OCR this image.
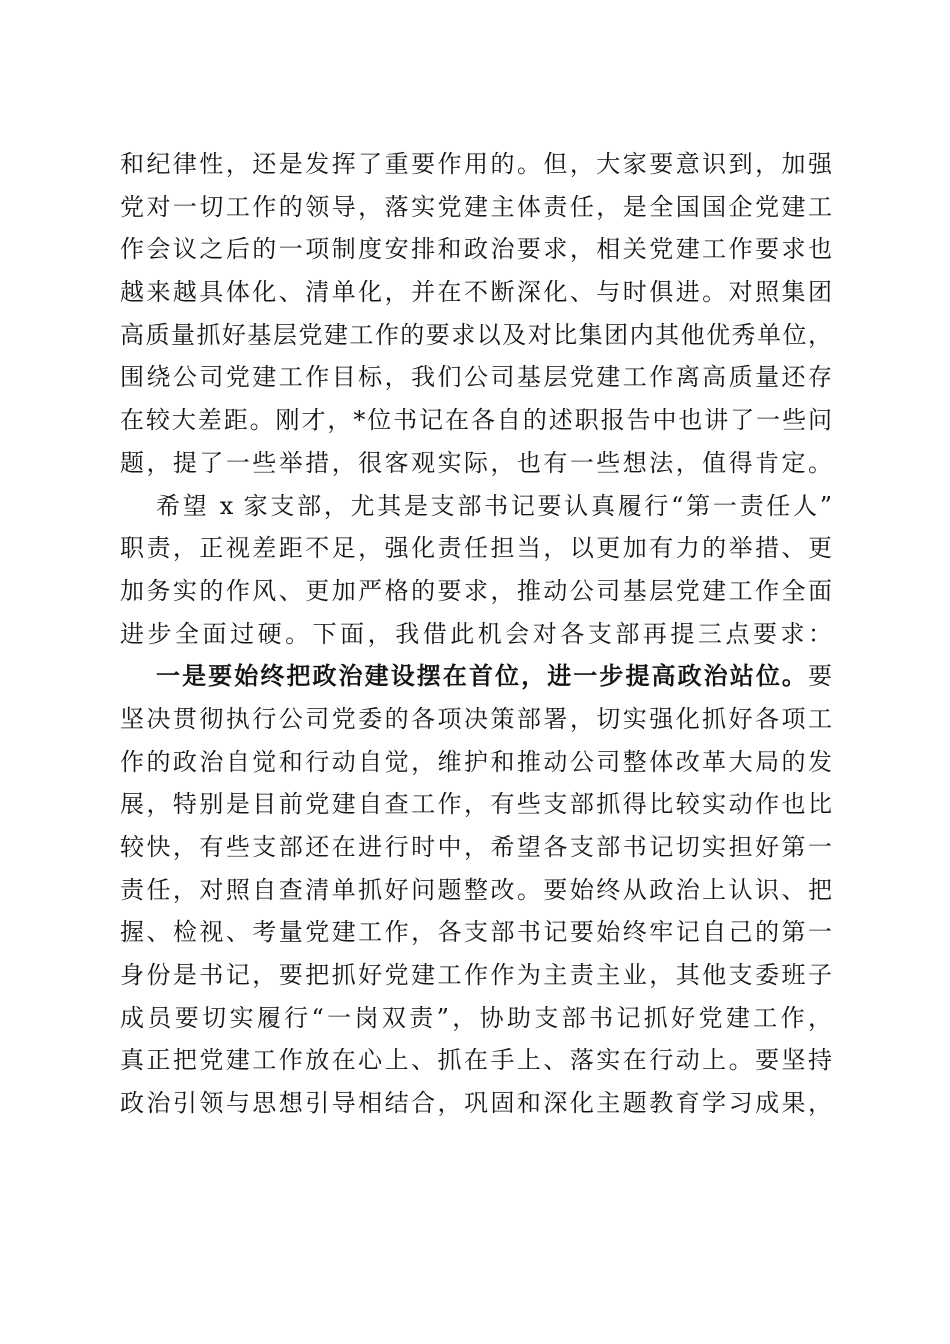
和纪律性，还是发挥了重要作用的。但，大家要意识到，加强
党对一切工作的领导，落实党建主体责任，是全国国企党建工
作会议之后的一项制度安排和政治要求，相关党建工作要求也
越来越具体化、清单化，并在不断深化、与时俱进。对照集团
高质量抓好基层党建工作的要求以及对比集团内其他优秀单位，
围绕公司党建工作目标，我们公司基层党建工作离高质量还存
在较大差距。刚才，*位书记在各自的述职报告中也讲了一些问
题，提了一些举措，很客观实际，也有一些想法，值得肯定。
希望 x 家支部，尤其是支部书记要认真履行“第一责任人”
职责，正视差距不足，强化责任担当，以更加有力的举措、更
加务实的作风、更加严格的要求，推动公司基层党建工作全面
进步全面过硬。下面，我借此机会对各支部再提三点要求：
一是要始终把政治建设摆在首位，进一步提高政治站位。要
坚决贯彻执行公司党委的各项决策部署，切实强化抓好各项工
作的政治自觉和行动自觉，维护和推动公司整体改革大局的发
展，特别是目前党建自查工作，有些支部抓得比较实动作也比
较快，有些支部还在进行时中，希望各支部书记切实担好第一
责任，对照自查清单抓好问题整改。要始终从政治上认识、把
握、检视、考量党建工作，各支部书记要始终牢记自己的第一
身份是书记，要把抓好党建工作作为主责主业，其他支委班子
成员要切实履行“一岗双责”，协助支部书记抓好党建工作，
真正把党建工作放在心上、抓在手上、落实在行动上。要坚持
政治引领与思想引导相结合，巩固和深化主题教育学习成果，
